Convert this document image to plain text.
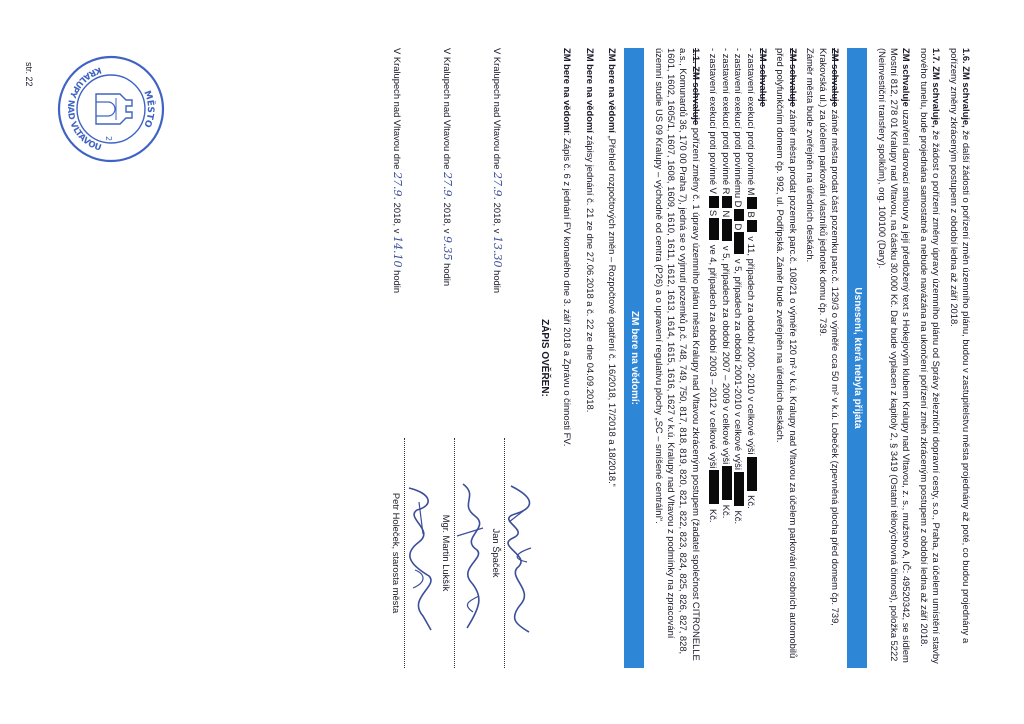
1.6. ZM schvaluje, že další žádosti o pořízení změn územního plánu, budou v zastupitelstvu města projednány až poté, co budou projednány a pořízeny změny zkráceným postupem z období ledna až září 2018.

1.7. ZM schvaluje, že žádost o pořízení změny úpravy územního plánu od Správy železniční dopravní cesty, s.o., Praha, za účelem umístění stavby nového tunelu, bude projednána samostatně a nebude navázána na ukončení pořízení změn zkráceným postupem z období ledna až září 2018.

ZM schvaluje uzavření darovací smlouvy a její předložený text s Hokejovým klubem Kralupy nad Vltavou, z. s., mužstvo A, IČ: 49520342, se sídlem Mostní 812, 278 01 Kralupy nad Vltavou, na částku 30.000 Kč. Dar bude vyplacen z kapitoly 2, § 3419 (Ostatní tělovýchovná činnost), položka 5222 (Neinvestiční transfery spolkům), org. 100100 (Dary).

Usnesení, která nebyla přijata

ZM schvaluje záměr města prodat část pozemku parc.č. 129/3 o výměře cca 50 m² v k.ú. Lobeček (zpevněná plocha před domem čp. 739, Krakovská ul.) za účelem parkování vlastníků jednotek domu čp. 739.
Záměr města bude zveřejněn na úředních deskách.

ZM schvaluje záměr města prodat pozemek parc.č. 108/21 o výměře 120 m² v k.ú. Kralupy nad Vltavou za účelem parkování osobních automobilů před polyfunkčním domem čp. 992, ul. Podřipská. Záměr bude zveřejněn na úředních deskách.

ZM schvaluje
- zastavení exekucí proti povinné MB v 11, případech za období 2000- 2010 v celkové výši Kč.
- zastavení exekucí proti povinnému DD v 5, případech za období 2001-2010 v celkové výši Kč.
- zastavení exekucí proti povinné RN v 5, případech za období 2007 – 2009 v celkové výši Kč.
- zastavení exekucí proti povinné VS ve 4, případech za období 2003 – 2012 v celkové výši Kč.

1.1. ZM schvaluje pořízení změny č. 1 úpravy územního plánu města Kralupy nad Vltavou zkráceným postupem (žadatel společnost CITRONELLE a.s., Komunardů 36, 170 00 Praha 7), jedná se o vyjmutí pozemků p.č. 748, 749, 750, 817, 818, 819, 820, 821, 822, 823, 824, 825, 826, 827, 828, 1601, 1602, 1605/1, 1607, 1608, 1609, 1610, 1611, 1612, 1613, 1614, 1615, 1616, 1627 v k.ú. Kralupy nad Vltavou z podmínky na zpracování územní studie US 09 Kralupy – východně od centra (P26) a o upravení regulativu plochy „SC – smíšené centrální“.

ZM bere na vědomí:

ZM bere na vědomí „Přehled rozpočtových změn – Rozpočtové opatření č. 16/2018, 17/2018 a 18/2018.“

ZM bere na vědomí zápisy jednání č. 21 ze dne 27.06.2018 a č. 22 ze dne 04.09.2018.

ZM bere na vědomí: Zápis č. 6 z jednání FV konaného dne 3. září 2018 a Zprávu o činnosti FV.

ZÁPIS OVĚŘEN:
V Kralupech nad Vltavou dne 27.9. 2018, v 13.30 hodin
Jan Špaček
V Kralupech nad Vltavou dne 27.9. 2018, v 9.35 hodin
Mgr. Martin Lukšík
V Kralupech nad Vltavou dne 27.9. 2018, v 14.10 hodin
Petr Holeček, starosta města
MĚSTO
KRALUPY NAD VLTAVOU
2
str. 22
